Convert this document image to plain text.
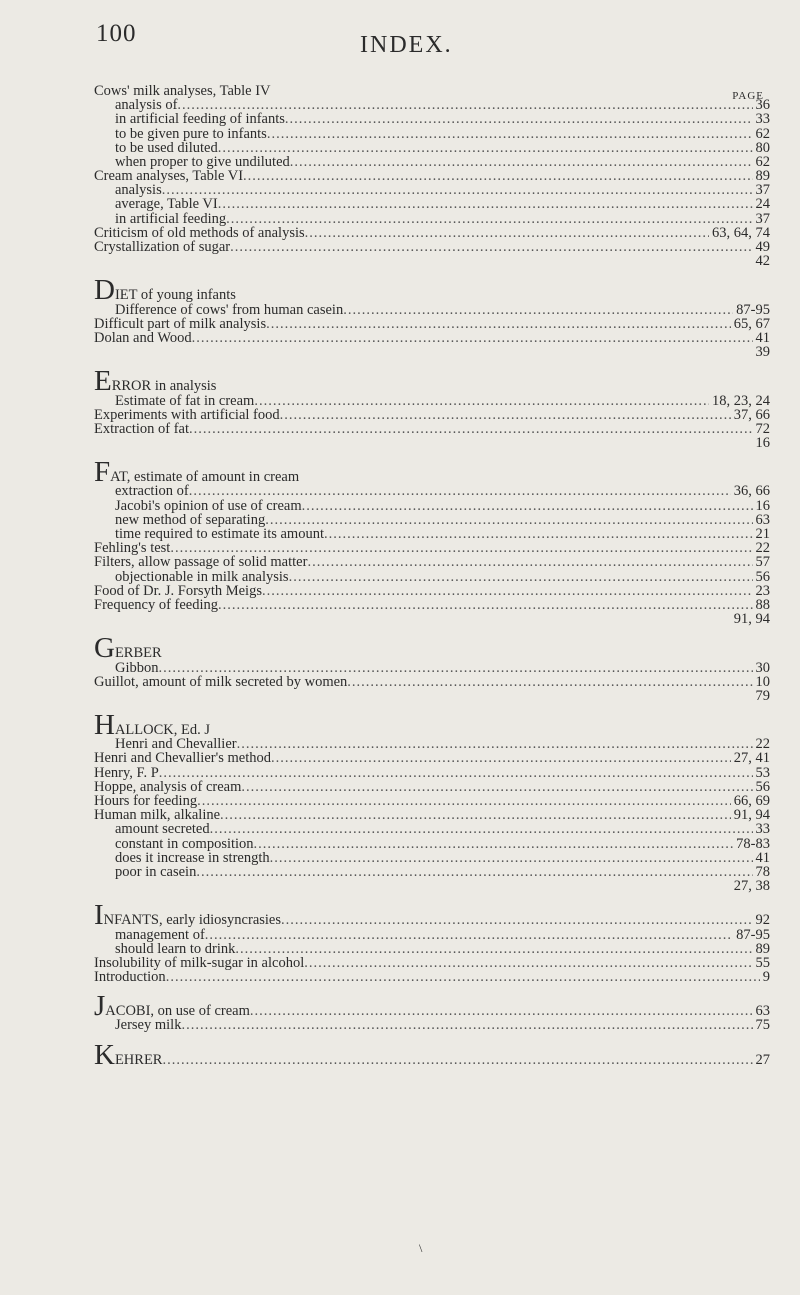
100	INDEX.
PAGE
Cows' milk analyses, Table IV
analysis of .....	36
in artificial feeding of infants .....	33
to be given pure to infants .....	62
to be used diluted .....	80
when proper to give undiluted .....	62
Cream analyses, Table VI .....	89
analysis .....	37
average, Table VI .....	24
in artificial feeding .....	37
Criticism of old methods of analysis .....	63, 64, 74
Crystallization of sugar .....	49
42
DIET of young infants
Difference of cows' from human casein .....	87-95
Difficult part of milk analysis .....	65, 67
Dolan and Wood .....	41
39
ERROR in analysis
Estimate of fat in cream .....	18, 23, 24
Experiments with artificial food .....	37, 66
Extraction of fat .....	72
16
FAT, estimate of amount in cream
extraction of .....	36, 66
Jacobi's opinion of use of cream .....	16
new method of separating .....	63
time required to estimate its amount .....	21
Fehling's test .....	22
Filters, allow passage of solid matter .....	57
objectionable in milk analysis .....	56
Food of Dr. J. Forsyth Meigs .....	23
Frequency of feeding .....	88
91, 94
GERBER
Gibbon .....	30
Guillot, amount of milk secreted by women .....	10
79
HALLOCK, Ed. J
Henri and Chevallier .....	22
Henri and Chevallier's method .....	27, 41
Henry, F. P .....	53
Hoppe, analysis of cream .....	56
Hours for feeding .....	66, 69
Human milk, alkaline .....	91, 94
amount secreted .....	33
constant in composition .....	78-83
does it increase in strength .....	41
poor in casein .....	78
27, 38
INFANTS, early idiosyncrasies .....	92
management of .....	87-95
should learn to drink .....	89
Insolubility of milk-sugar in alcohol .....	55
Introduction .....	9
JACOBI, on use of cream .....	63
Jersey milk .....	75
KEHRER .....	27
\
